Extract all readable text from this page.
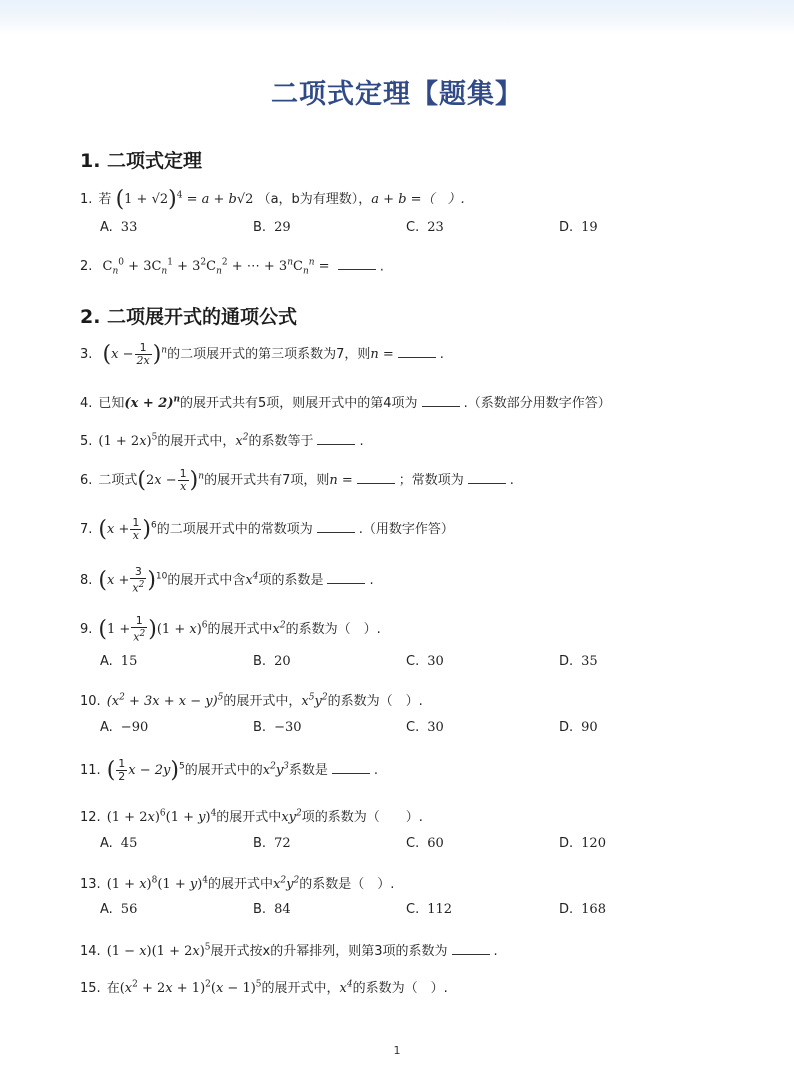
二项式定理【题集】
1. 二项式定理
1. 若 $(1 + √2)^4 = a + b√2$ （a，b为有理数），a + b =（　）.
A. 33	B. 29	C. 23	D. 19
2. $C_n^0 + 3C_n^1 + 3^2C_n^2$ + ⋯ + $3^nC_n^n$ =	.
2. 二项展开式的通项公式
3. $(x - \frac{1}{2x} )^n$的二项展开式的第三项系数为7，则n =	.
4. 已知$(x + 2)^n$的展开式共有5项，则展开式中的第4项为	.（系数部分用数字作答）
5. $(1 + 2x)^5$的展开式中，$x^2$的系数等于	.
6. 二项式$(2x - \frac{1}{x} )^n$的展开式共有7项，则n =	；常数项为	.
7. $(x + \frac{1}{x} )^6$的二项展开式中的常数项为	.（用数字作答）
8. $(x + \frac{3}{x^2} )^{10}$的展开式中含$x^4$项的系数是	.
9. $(1 + \frac{1}{x^2} )(1 + x)^6$的展开式中$x^2$的系数为（　）.
A. 15	B. 20	C. 30	D. 35
10. $(x^2 + 3x + x - y)^5$的展开式中，$x^5y^2$的系数为（　）.
A. −90	B. −30	C. 30	D. 90
11. ( $\frac{1}{2}$ x − 2y)$^5$的展开式中的$x^2y^3$系数是	.
12. $(1 + 2x)^6(1 + y)^4$的展开式中$xy^2$项的系数为（　　）.
A. 45	B. 72	C. 60	D. 120
13. $(1 + x)^8(1 + y)^4$的展开式中$x^2y^2$的系数是（　）.
A. 56	B. 84	C. 112	D. 168
14. $(1 - x)(1 + 2x)^5$展开式按x的升幂排列，则第3项的系数为	.
15. 在$(x^2 + 2x + 1)^2(x - 1)^5$的展开式中，$x^4$的系数为（　）.
1
